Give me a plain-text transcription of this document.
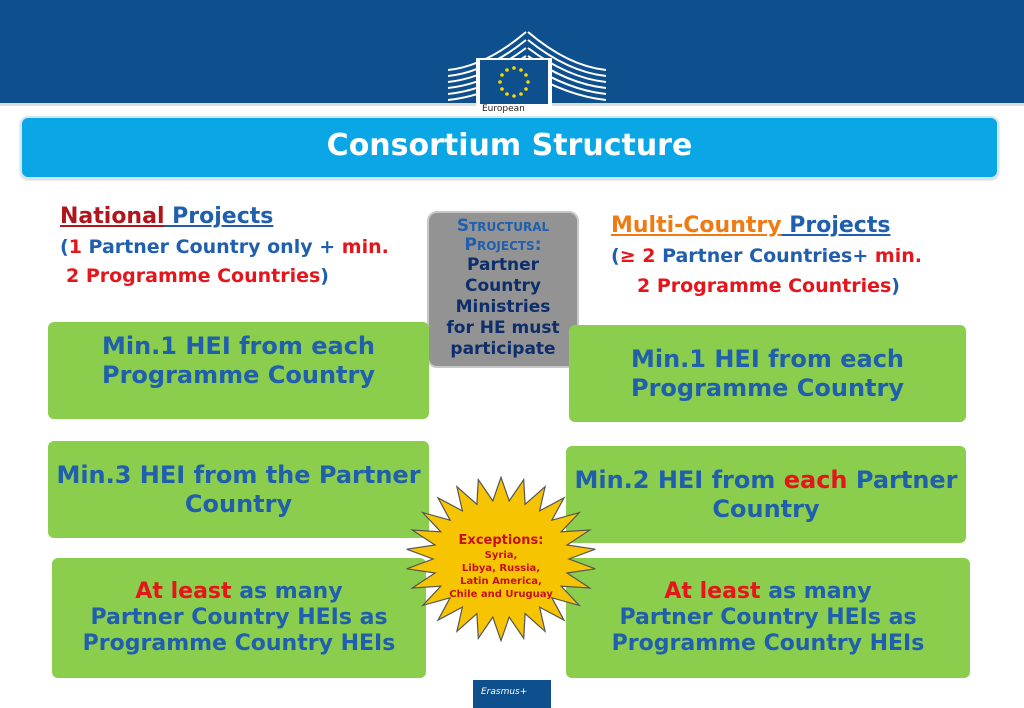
European
Consortium Structure
National Projects
(1 Partner Country only + min.
2 Programme Countries)
Multi-Country Projects
(≥ 2 Partner Countries+ min.
2 Programme Countries)
Structural
Projects:
Partner
Country
Ministries
for HE must
participate
Min.1 HEI from each Programme Country
Min.3 HEI from the Partner Country
At least as many
Partner Country HEIs as
Programme Country HEIs
Min.1 HEI from each Programme Country
Min.2 HEI from each Partner
Country
At least as many
Partner Country HEIs as
Programme Country HEIs
Exceptions:
Syria,
Libya, Russia,
Latin America,
Chile and Uruguay
Erasmus+
